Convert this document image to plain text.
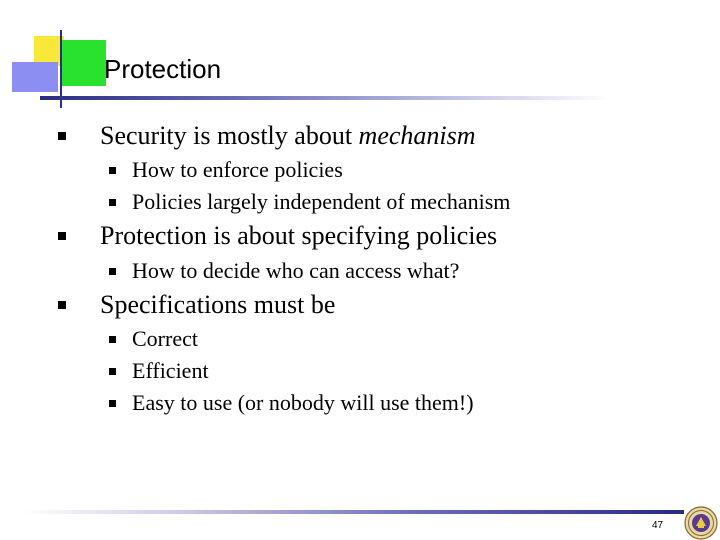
Protection
Security is mostly about mechanism
How to enforce policies
Policies largely independent of mechanism
Protection is about specifying policies
How to decide who can access what?
Specifications must be
Correct
Efficient
Easy to use (or nobody will use them!)
47
